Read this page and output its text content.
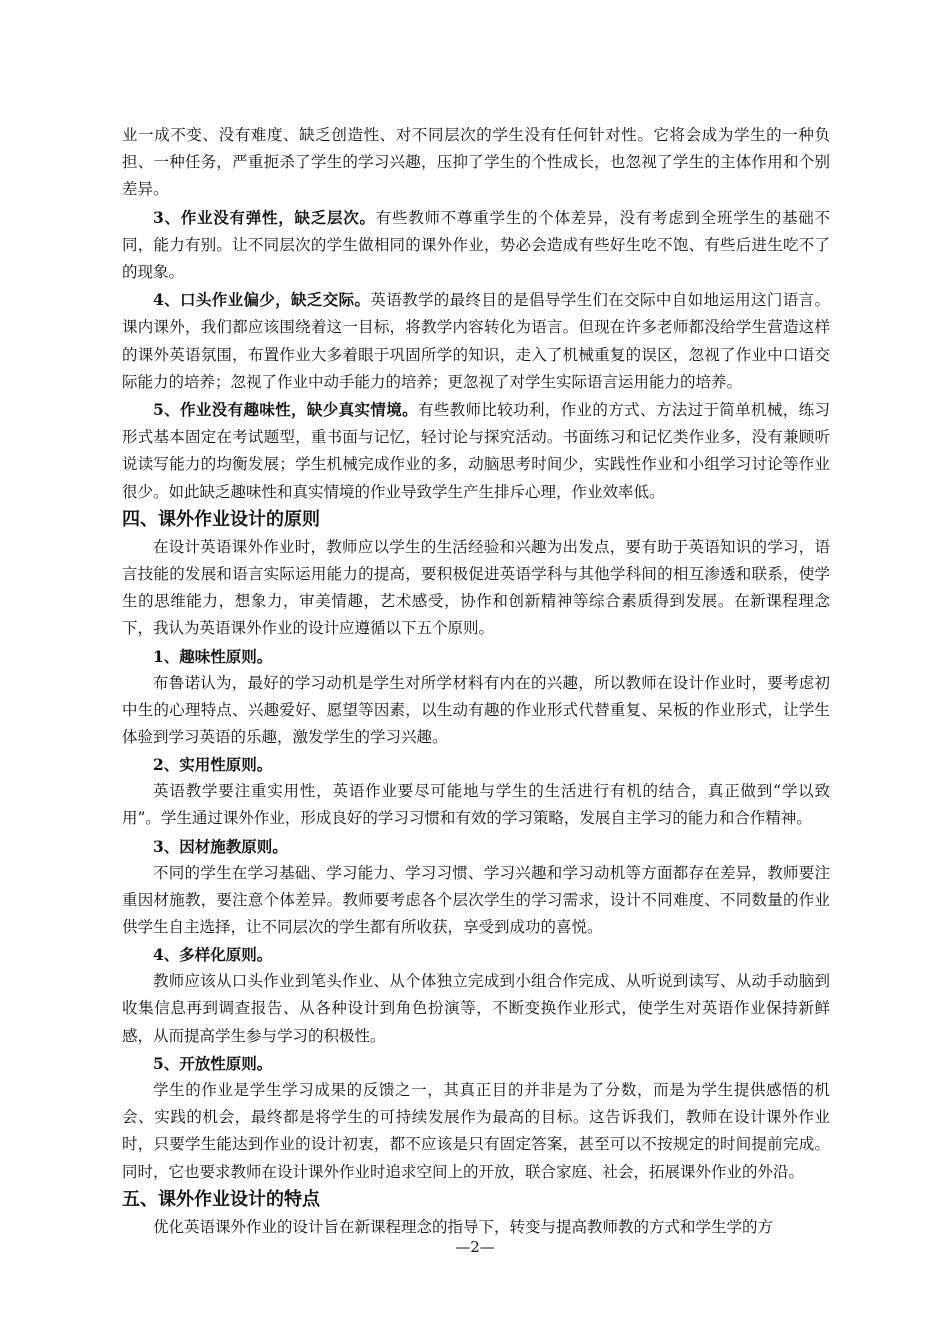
业一成不变、没有难度、缺乏创造性、对不同层次的学生没有任何针对性。它将会成为学生的一种负担、一种任务，严重扼杀了学生的学习兴趣，压抑了学生的个性成长，也忽视了学生的主体作用和个别差异。

3、作业没有弹性，缺乏层次。有些教师不尊重学生的个体差异，没有考虑到全班学生的基础不同，能力有别。让不同层次的学生做相同的课外作业，势必会造成有些好生吃不饱、有些后进生吃不了的现象。

4、口头作业偏少，缺乏交际。英语教学的最终目的是倡导学生们在交际中自如地运用这门语言。课内课外，我们都应该围绕着这一目标，将教学内容转化为语言。但现在许多老师都没给学生营造这样的课外英语氛围，布置作业大多着眼于巩固所学的知识，走入了机械重复的误区，忽视了作业中口语交际能力的培养；忽视了作业中动手能力的培养；更忽视了对学生实际语言运用能力的培养。

5、作业没有趣味性，缺少真实情境。有些教师比较功利，作业的方式、方法过于简单机械，练习形式基本固定在考试题型，重书面与记忆，轻讨论与探究活动。书面练习和记忆类作业多，没有兼顾听说读写能力的均衡发展；学生机械完成作业的多，动脑思考时间少，实践性作业和小组学习讨论等作业很少。如此缺乏趣味性和真实情境的作业导致学生产生排斥心理，作业效率低。

四、课外作业设计的原则

在设计英语课外作业时，教师应以学生的生活经验和兴趣为出发点，要有助于英语知识的学习，语言技能的发展和语言实际运用能力的提高，要积极促进英语学科与其他学科间的相互渗透和联系，使学生的思维能力，想象力，审美情趣，艺术感受，协作和创新精神等综合素质得到发展。在新课程理念下，我认为英语课外作业的设计应遵循以下五个原则。

1、趣味性原则。

布鲁诺认为，最好的学习动机是学生对所学材料有内在的兴趣，所以教师在设计作业时，要考虑初中生的心理特点、兴趣爱好、愿望等因素，以生动有趣的作业形式代替重复、呆板的作业形式，让学生体验到学习英语的乐趣，激发学生的学习兴趣。

2、实用性原则。

英语教学要注重实用性，英语作业要尽可能地与学生的生活进行有机的结合，真正做到“学以致用”。学生通过课外作业，形成良好的学习习惯和有效的学习策略，发展自主学习的能力和合作精神。

3、因材施教原则。

不同的学生在学习基础、学习能力、学习习惯、学习兴趣和学习动机等方面都存在差异，教师要注重因材施教，要注意个体差异。教师要考虑各个层次学生的学习需求，设计不同难度、不同数量的作业供学生自主选择，让不同层次的学生都有所收获，享受到成功的喜悦。

4、多样化原则。

教师应该从口头作业到笔头作业、从个体独立完成到小组合作完成、从听说到读写、从动手动脑到收集信息再到调查报告、从各种设计到角色扮演等，不断变换作业形式，使学生对英语作业保持新鲜感，从而提高学生参与学习的积极性。

5、开放性原则。

学生的作业是学生学习成果的反馈之一，其真正目的并非是为了分数，而是为学生提供感悟的机会、实践的机会，最终都是将学生的可持续发展作为最高的目标。这告诉我们，教师在设计课外作业时，只要学生能达到作业的设计初衷，都不应该是只有固定答案，甚至可以不按规定的时间提前完成。同时，它也要求教师在设计课外作业时追求空间上的开放，联合家庭、社会，拓展课外作业的外沿。

五、课外作业设计的特点

优化英语课外作业的设计旨在新课程理念的指导下，转变与提高教师教的方式和学生学的方

—2—
